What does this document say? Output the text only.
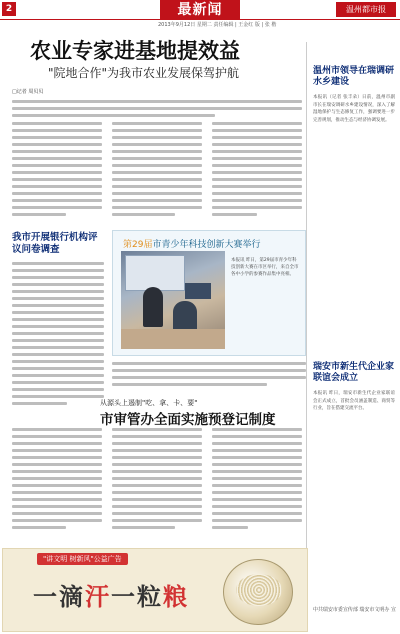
2	最新闻	温州都市报
2013年9月12日 星期二 责任编辑 | 王金红 版 | 张 楷
农业专家进基地提效益
"院地合作"为我市农业发展保驾护航
□记者 周贝贝
我市开展银行机构评议问卷调查	第29届市青少年科技创新大赛举行
本报讯 昨日，第29届市青少年科技创新大赛在市区举行，来自全市各中小学的参赛作品集中亮相。
从源头上遏制"吃、拿、卡、要"
市审管办全面实施预登记制度
温州市领导在瑞调研水乡建设
本报讯（记者 张丰朵）日前，温州市副市长在瑞安调研水乡建设情况，深入了解湿地保护与生态修复工作，强调要进一步完善规划，推动生态与经济协调发展。
瑞安市新生代企业家联谊会成立
本报讯 昨日，瑞安市新生代企业家联谊会正式成立，首批会员涵盖制造、商贸等行业，旨在搭建交流平台。
"讲文明 树新风"公益广告
一滴汗一粒粮	中共瑞安市委宣传部 瑞安市文明办 宣
